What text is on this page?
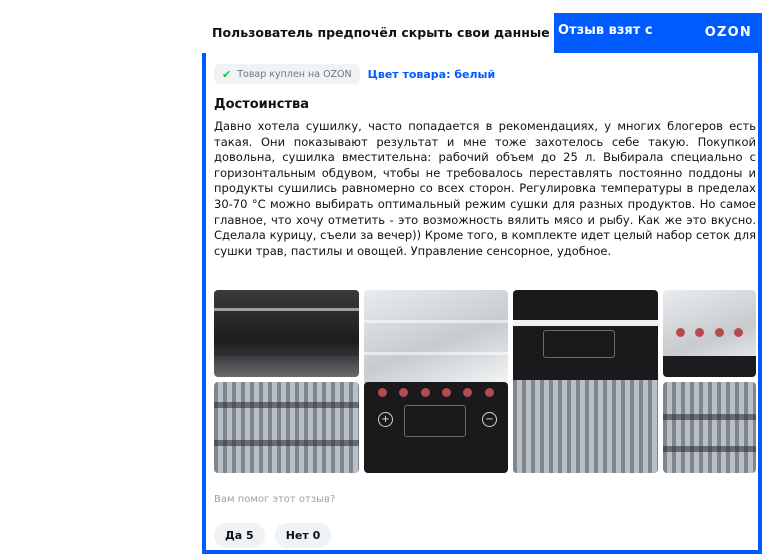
Пользователь предпочёл скрыть свои данные Отзыв взят с	OZON
✔ Товар куплен на OZON Цвет товара: белый
Достоинства
Давно хотела сушилку, часто попадается в рекомендациях, у многих блогеров есть такая. Они показывают результат и мне тоже захотелось себе такую. Покупкой довольна, сушилка вместительна: рабочий объем до 25 л. Выбирала специально с горизонтальным обдувом, чтобы не требовалось переставлять постоянно поддоны и продукты сушились равномерно со всех сторон. Регулировка температуры в пределах 30-70 °C можно выбирать оптимальный режим сушки для разных продуктов. Но самое главное, что хочу отметить - это возможность вялить мясо и рыбу. Как же это вкусно. Сделала курицу, съели за вечер)) Кроме того, в комплекте идет целый набор сеток для сушки трав, пастилы и овощей. Управление сенсорное, удобное.
+	−
Вам помог этот отзыв?
Да 5	Нет 0
